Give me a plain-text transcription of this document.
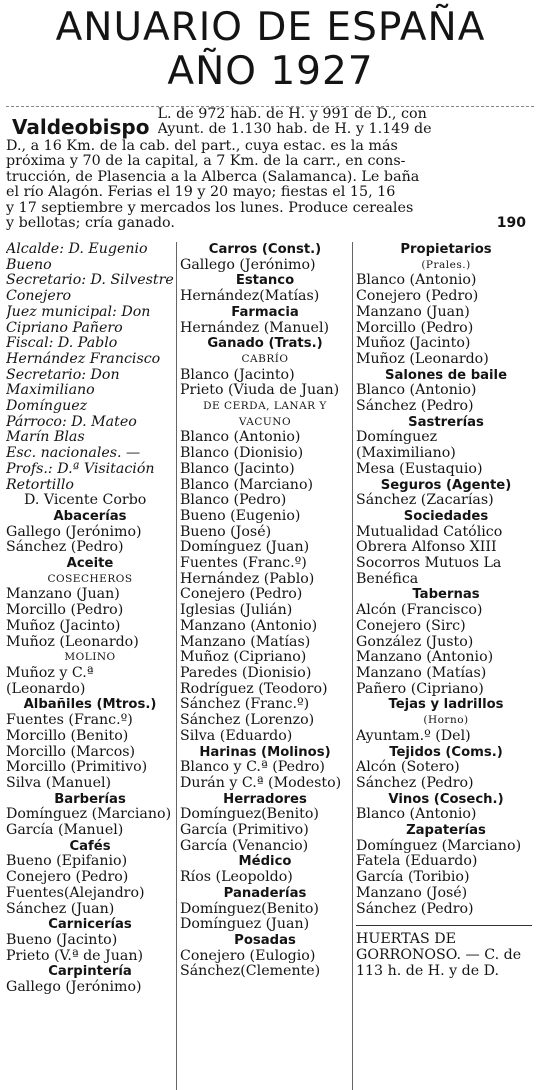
ANUARIO DE ESPAÑA
AÑO 1927
Valdeobispo
L. de 972 hab. de H. y 991 de D., con
Ayunt. de 1.130 hab. de H. y 1.149 de
D., a 16 Km. de la cab. del part., cuya estac. es la más
próxima y 70 de la capital, a 7 Km. de la carr., en cons-
trucción, de Plasencia a la Alberca (Salamanca). Le baña
el río Alagón. Ferias el 19 y 20 mayo; fiestas el 15, 16
y 17 septiembre y mercados los lunes. Produce cereales
190
y bellotas; cría ganado.
Alcalde: D. Eugenio Bueno
Secretario: D. Silvestre Conejero
Juez municipal: Don Cipriano Pañero
Fiscal: D. Pablo Hernández Francisco
Secretario: Don Maximiliano Domínguez
Párroco: D. Mateo Marín Blas
Esc. nacionales. —
Profs.: D.ª Visitación Retortillo
D. Vicente Corbo
Abacerías
Gallego (Jerónimo)
Sánchez (Pedro)
Aceite
COSECHEROS
Manzano (Juan)
Morcillo (Pedro)
Muñoz (Jacinto)
Muñoz (Leonardo)
MOLINO
Muñoz y C.ª (Leonardo)
Albañiles (Mtros.)
Fuentes (Franc.º)
Morcillo (Benito)
Morcillo (Marcos)
Morcillo (Primitivo)
Silva (Manuel)
Barberías
Domínguez (Marciano)
García (Manuel)
Cafés
Bueno (Epifanio)
Conejero (Pedro)
Fuentes(Alejandro)
Sánchez (Juan)
Carnicerías
Bueno (Jacinto)
Prieto (V.ª de Juan)
Carpintería
Gallego (Jerónimo)
Carros (Const.)
Gallego (Jerónimo)
Estanco
Hernández(Matías)
Farmacia
Hernández (Manuel)
Ganado (Trats.)
CABRÍO
Blanco (Jacinto)
Prieto (Viuda de Juan)
DE CERDA, LANAR Y VACUNO
Blanco (Antonio)
Blanco (Dionisio)
Blanco (Jacinto)
Blanco (Marciano)
Blanco (Pedro)
Bueno (Eugenio)
Bueno (José)
Domínguez (Juan)
Fuentes (Franc.º)
Hernández (Pablo)
Conejero (Pedro)
Iglesias (Julián)
Manzano (Antonio)
Manzano (Matías)
Muñoz (Cipriano)
Paredes (Dionisio)
Rodríguez (Teodoro)
Sánchez (Franc.º)
Sánchez (Lorenzo)
Silva (Eduardo)
Harinas (Molinos)
Blanco y C.ª (Pedro)
Durán y C.ª (Modesto)
Herradores
Domínguez(Benito)
García (Primitivo)
García (Venancio)
Médico
Ríos (Leopoldo)
Panaderías
Domínguez(Benito)
Domínguez (Juan)
Posadas
Conejero (Eulogio)
Sánchez(Clemente)
Propietarios
(Prales.)
Blanco (Antonio)
Conejero (Pedro)
Manzano (Juan)
Morcillo (Pedro)
Muñoz (Jacinto)
Muñoz (Leonardo)
Salones de baile
Blanco (Antonio)
Sánchez (Pedro)
Sastrerías
Domínguez (Maximiliano)
Mesa (Eustaquio)
Seguros (Agente)
Sánchez (Zacarías)
Sociedades
Mutualidad Católico Obrera Alfonso XIII
Socorros Mutuos La Benéfica
Tabernas
Alcón (Francisco)
Conejero (Sirc)
González (Justo)
Manzano (Antonio)
Manzano (Matías)
Pañero (Cipriano)
Tejas y ladrillos
(Horno)
Ayuntam.º (Del)
Tejidos (Coms.)
Alcón (Sotero)
Sánchez (Pedro)
Vinos (Cosech.)
Blanco (Antonio)
Zapaterías
Domínguez (Marciano)
Fatela (Eduardo)
García (Toribio)
Manzano (José)
Sánchez (Pedro)
HUERTAS DE GORRONOSO. — C. de 113 h. de H. y de D.
